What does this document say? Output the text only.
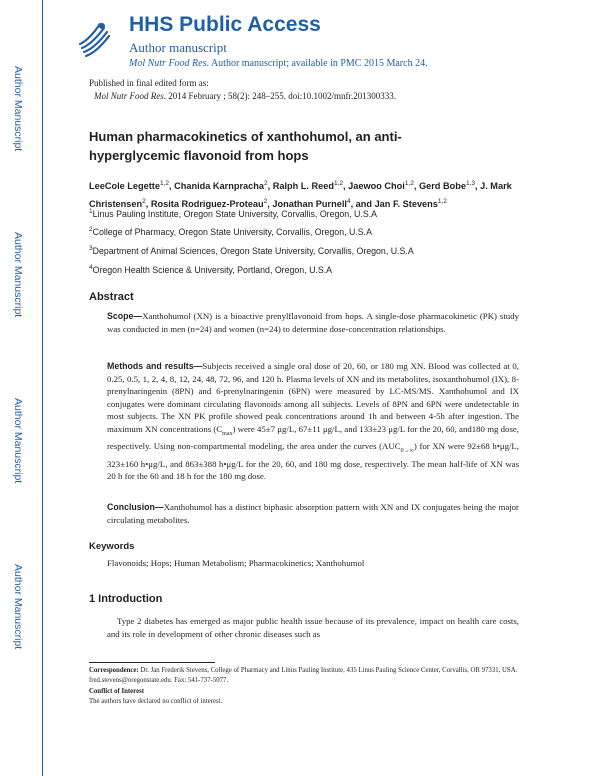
Author Manuscript
Author Manuscript
Author Manuscript
Author Manuscript
HHS Public Access
Author manuscript
Mol Nutr Food Res. Author manuscript; available in PMC 2015 March 24.
Published in final edited form as:
Mol Nutr Food Res. 2014 February ; 58(2): 248–255. doi:10.1002/mnfr.201300333.
Human pharmacokinetics of xanthohumol, an anti-hyperglycemic flavonoid from hops
LeeCole Legette$^{1,2}$, Chanida Karnpracha$^2$, Ralph L. Reed$^{1,2}$, Jaewoo Choi$^{1,2}$, Gerd Bobe$^{1,3}$, J. Mark Christensen$^2$, Rosita Rodriguez-Proteau$^2$, Jonathan Purnell$^4$, and Jan F. Stevens$^{1,2}$
$^1$Linus Pauling Institute, Oregon State University, Corvallis, Oregon, U.S.A
$^2$College of Pharmacy, Oregon State University, Corvallis, Oregon, U.S.A
$^3$Department of Animal Sciences, Oregon State University, Corvallis, Oregon, U.S.A
$^4$Oregon Health Science & University, Portland, Oregon, U.S.A
Abstract
Scope—Xanthohumol (XN) is a bioactive prenylflavonoid from hops. A single-dose pharmacokinetic (PK) study was conducted in men (n=24) and women (n=24) to determine dose-concentration relationships.
Methods and results—Subjects received a single oral dose of 20, 60, or 180 mg XN. Blood was collected at 0, 0.25, 0.5, 1, 2, 4, 8, 12, 24, 48, 72, 96, and 120 h. Plasma levels of XN and its metabolites, isoxanthohumol (IX), 8-prenylnaringenin (8PN) and 6-prenylnaringenin (6PN) were measured by LC-MS/MS. Xanthohumol and IX conjugates were dominant circulating flavonoids among all subjects. Levels of 8PN and 6PN were undetectable in most subjects. The XN PK profile showed peak concentrations around 1h and between 4-5h after ingestion. The maximum XN concentrations $(C_{max})$ were 45±7 μg/L, 67±11 μg/L, and 133±23 μg/L for the 20, 60, and180 mg dose, respectively. Using non-compartmental modeling, the area under the curves $(AUC_{0\to\infty})$ for XN were 92±68 h•μg/L, 323±160 h•μg/L, and 863±388 h•μg/L for the 20, 60, and 180 mg dose, respectively. The mean half-life of XN was 20 h for the 60 and 18 h for the 180 mg dose.
Conclusion—Xanthohumol has a distinct biphasic absorption pattern with XN and IX conjugates being the major circulating metabolites.
Keywords
Flavonoids; Hops; Human Metabolism; Pharmacokinetics; Xanthohumol
1 Introduction
Type 2 diabetes has emerged as major public health issue because of its prevalence, impact on health care costs, and its role in development of other chronic diseases such as
Correspondence: Dr. Jan Frederik Stevens, College of Pharmacy and Linus Pauling Institute, 435 Linus Pauling Science Center, Corvallis, OR 97331, USA. fred.stevens@oregonstate.edu. Fax: 541-737-5077.
Conflict of Interest
The authors have declared no conflict of interest.
